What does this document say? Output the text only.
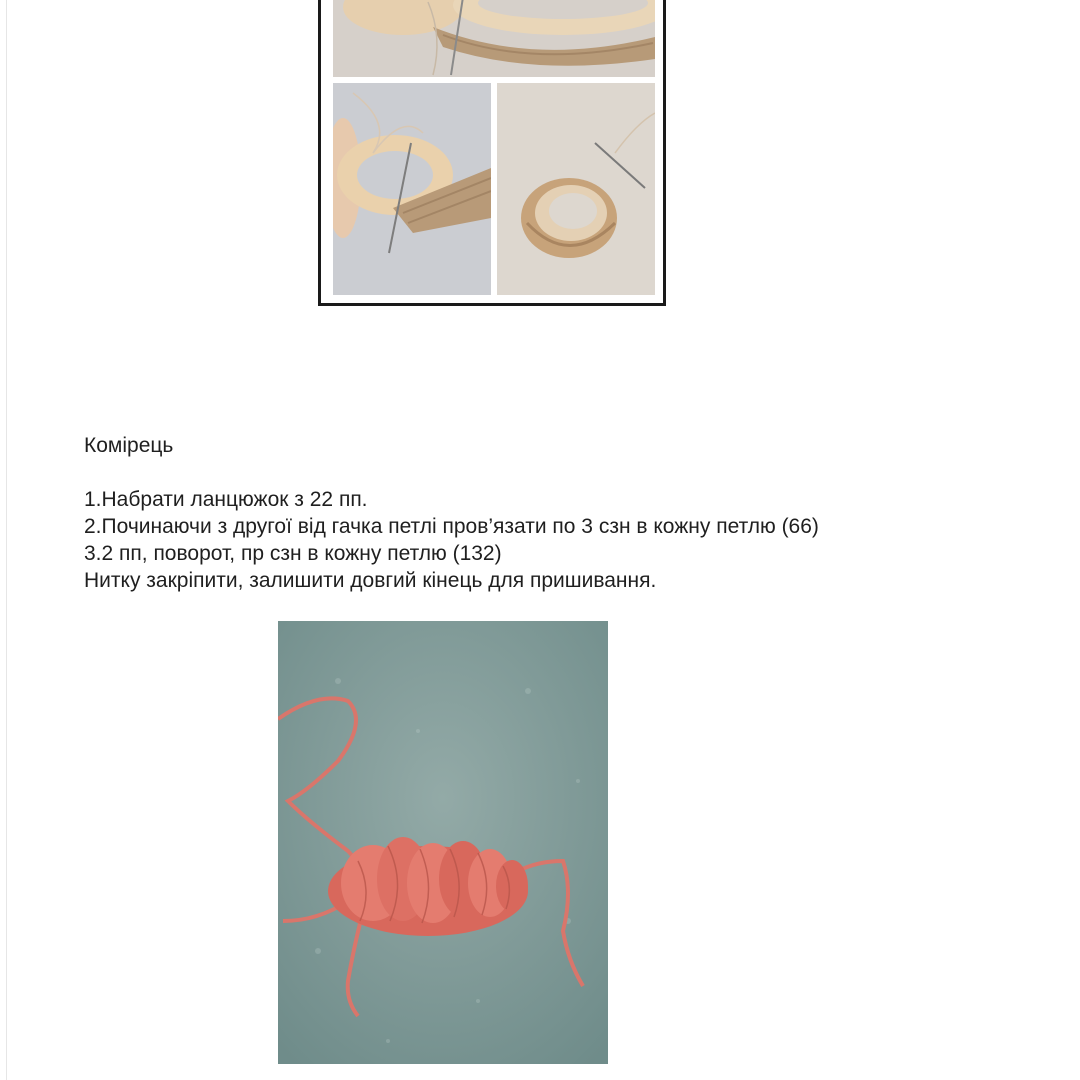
Комірець

1.Набрати ланцюжок з 22 пп.

2.Починаючи з другої від гачка петлі пров’язати по 3 сзн в кожну петлю (66)

3.2 пп, поворот, пр сзн в кожну петлю (132)

Нитку закріпити, залишити довгий кінець для пришивання.
